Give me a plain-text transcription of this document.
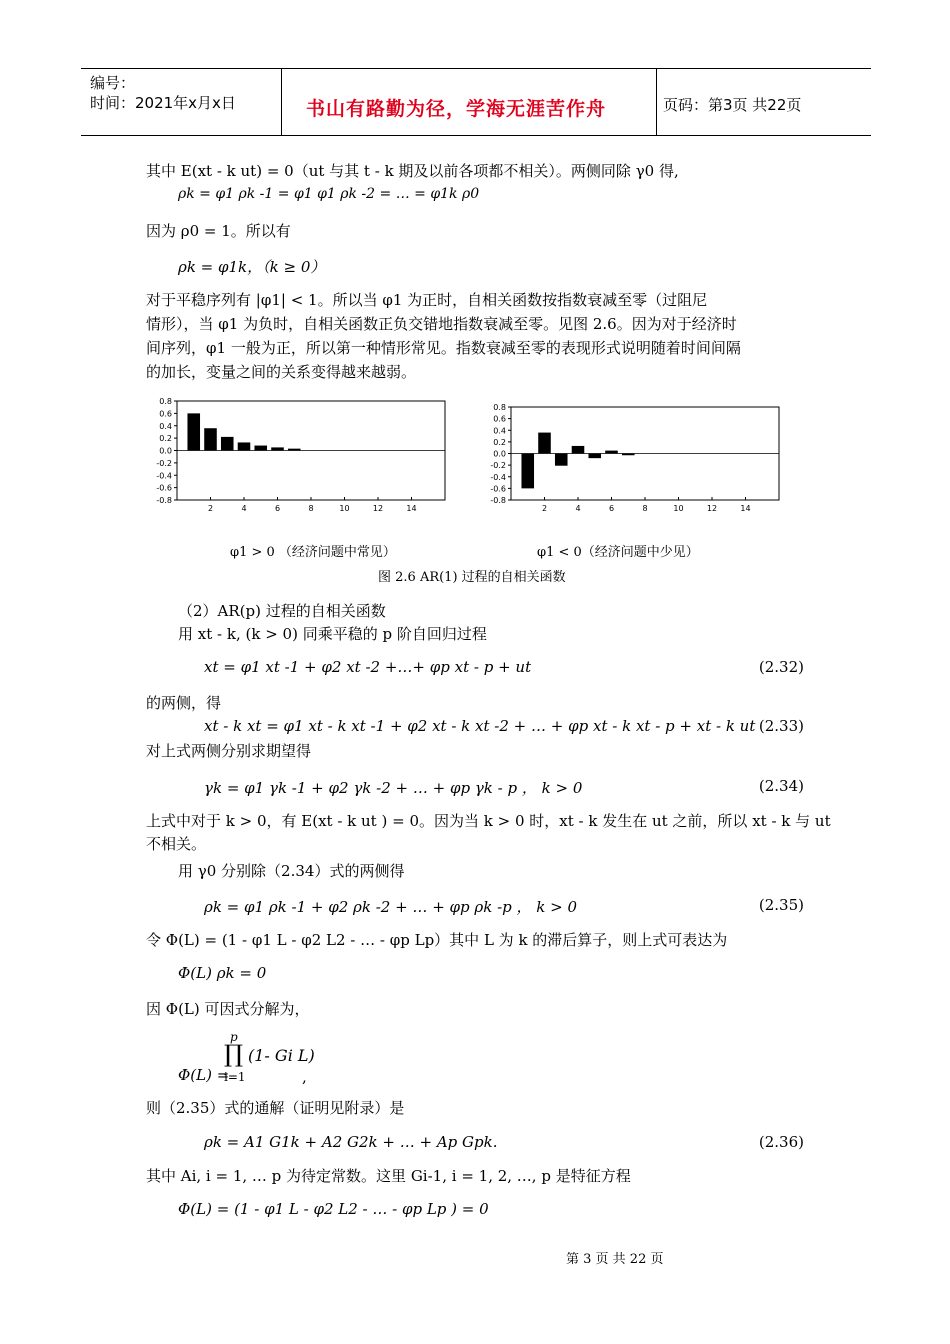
编号：
时间：2021年x月x日	书山有路勤为径，学海无涯苦作舟	页码：第3页 共22页
其中 E(xt - k ut) = 0（ut 与其 t - k 期及以前各项都不相关）。两侧同除 γ0 得,
ρk = φ1 ρk -1 = φ1 φ1 ρk -2 = … = φ1k ρ0
因为 ρ0 = 1。所以有
ρk = φ1k，（k ≥ 0）
对于平稳序列有 |φ1| < 1。所以当 φ1 为正时，自相关函数按指数衰减至零（过阻尼
情形），当 φ1 为负时，自相关函数正负交错地指数衰减至零。见图 2.6。因为对于经济时
间序列，φ1 一般为正，所以第一种情形常见。指数衰减至零的表现形式说明随着时间间隔
的加长，变量之间的关系变得越来越弱。
0.8
0.6
0.4
0.2
0.0
-0.2
-0.4
-0.6
-0.8
2	4	6	8	10	12	14
0.8
0.6
0.4
0.2
0.0
-0.2
-0.4
-0.6
-0.8
2	4	6	8	10	12	14
φ1 > 0 （经济问题中常见）	φ1 < 0（经济问题中少见）
图 2.6 AR(1) 过程的自相关函数
（2）AR(p) 过程的自相关函数
用 xt - k, (k > 0) 同乘平稳的 p 阶自回归过程
xt = φ1 xt -1 + φ2 xt -2 +…+ φp xt - p + ut	(2.32)
的两侧，得
xt - k xt = φ1 xt - k xt -1 + φ2 xt - k xt -2 + … + φp xt - k xt - p + xt - k ut (2.33)
对上式两侧分别求期望得
γk = φ1 γk -1 + φ2 γk -2 + … + φp γk - p ， k > 0	(2.34)
上式中对于 k > 0，有 E(xt - k ut ) = 0。因为当 k > 0 时，xt - k 发生在 ut 之前，所以 xt - k 与 ut
不相关。
用 γ0 分别除（2.34）式的两侧得
ρk = φ1 ρk -1 + φ2 ρk -2 + … + φp ρk -p ， k > 0	(2.35)
令 Φ(L) = (1 - φ1 L - φ2 L2 - … - φp Lp）其中 L 为 k 的滞后算子，则上式可表达为
Φ(L) ρk = 0
因 Φ(L) 可因式分解为，
Φ(L) =
p
∏
i=1
(1- Gi L)
,
则（2.35）式的通解（证明见附录）是
ρk = A1 G1k + A2 G2k + … + Ap Gpk.	(2.36)
其中 Ai, i = 1, … p 为待定常数。这里 Gi-1, i = 1, 2, …, p 是特征方程
Φ(L) = (1 - φ1 L - φ2 L2 - … - φp Lp ) = 0
第 3 页 共 22 页
